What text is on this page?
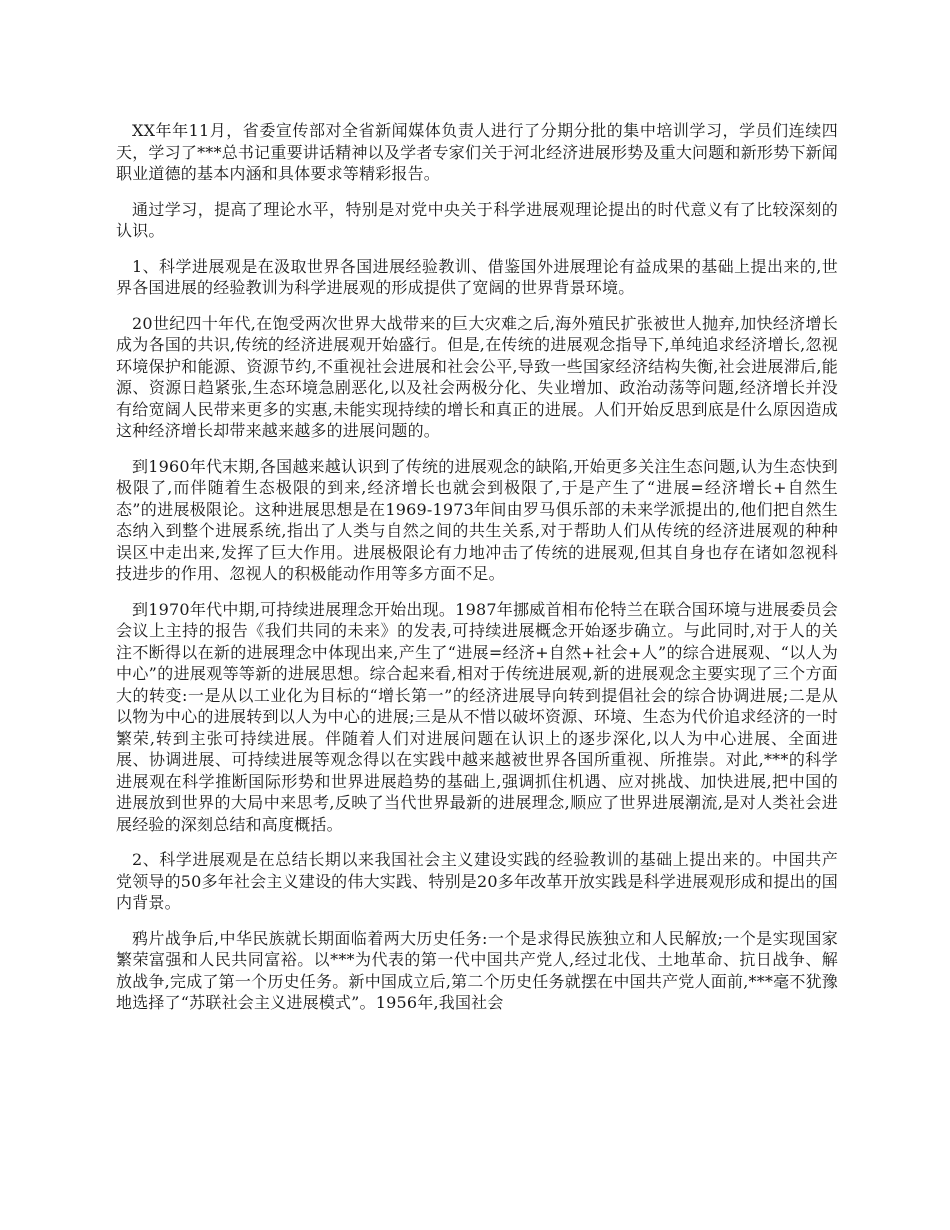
XX年年11月，省委宣传部对全省新闻媒体负责人进行了分期分批的集中培训学习，学员们连续四天，学习了***总书记重要讲话精神以及学者专家们关于河北经济进展形势及重大问题和新形势下新闻职业道德的基本内涵和具体要求等精彩报告。

通过学习，提高了理论水平，特别是对党中央关于科学进展观理论提出的时代意义有了比较深刻的认识。

1、科学进展观是在汲取世界各国进展经验教训、借鉴国外进展理论有益成果的基础上提出来的,世界各国进展的经验教训为科学进展观的形成提供了宽阔的世界背景环境。

20世纪四十年代,在饱受两次世界大战带来的巨大灾难之后,海外殖民扩张被世人抛弃,加快经济增长成为各国的共识,传统的经济进展观开始盛行。但是,在传统的进展观念指导下,单纯追求经济增长,忽视环境保护和能源、资源节约,不重视社会进展和社会公平,导致一些国家经济结构失衡,社会进展滞后,能源、资源日趋紧张,生态环境急剧恶化,以及社会两极分化、失业增加、政治动荡等问题,经济增长并没有给宽阔人民带来更多的实惠,未能实现持续的增长和真正的进展。人们开始反思到底是什么原因造成这种经济增长却带来越来越多的进展问题的。

到1960年代末期,各国越来越认识到了传统的进展观念的缺陷,开始更多关注生态问题,认为生态快到极限了,而伴随着生态极限的到来,经济增长也就会到极限了,于是产生了“进展=经济增长+自然生态”的进展极限论。这种进展思想是在1969-1973年间由罗马俱乐部的未来学派提出的,他们把自然生态纳入到整个进展系统,指出了人类与自然之间的共生关系,对于帮助人们从传统的经济进展观的种种误区中走出来,发挥了巨大作用。进展极限论有力地冲击了传统的进展观,但其自身也存在诸如忽视科技进步的作用、忽视人的积极能动作用等多方面不足。

到1970年代中期,可持续进展理念开始出现。1987年挪威首相布伦特兰在联合国环境与进展委员会会议上主持的报告《我们共同的未来》的发表,可持续进展概念开始逐步确立。与此同时,对于人的关注不断得以在新的进展理念中体现出来,产生了“进展=经济+自然+社会+人”的综合进展观、“以人为中心”的进展观等等新的进展思想。综合起来看,相对于传统进展观,新的进展观念主要实现了三个方面大的转变:一是从以工业化为目标的“增长第一”的经济进展导向转到提倡社会的综合协调进展;二是从以物为中心的进展转到以人为中心的进展;三是从不惜以破坏资源、环境、生态为代价追求经济的一时繁荣,转到主张可持续进展。伴随着人们对进展问题在认识上的逐步深化,以人为中心进展、全面进展、协调进展、可持续进展等观念得以在实践中越来越被世界各国所重视、所推崇。对此,***的科学进展观在科学推断国际形势和世界进展趋势的基础上,强调抓住机遇、应对挑战、加快进展,把中国的进展放到世界的大局中来思考,反映了当代世界最新的进展理念,顺应了世界进展潮流,是对人类社会进展经验的深刻总结和高度概括。

2、科学进展观是在总结长期以来我国社会主义建设实践的经验教训的基础上提出来的。中国共产党领导的50多年社会主义建设的伟大实践、特别是20多年改革开放实践是科学进展观形成和提出的国内背景。

鸦片战争后,中华民族就长期面临着两大历史任务:一个是求得民族独立和人民解放;一个是实现国家繁荣富强和人民共同富裕。以***为代表的第一代中国共产党人,经过北伐、土地革命、抗日战争、解放战争,完成了第一个历史任务。新中国成立后,第二个历史任务就摆在中国共产党人面前,***毫不犹豫地选择了“苏联社会主义进展模式”。1956年,我国社会
